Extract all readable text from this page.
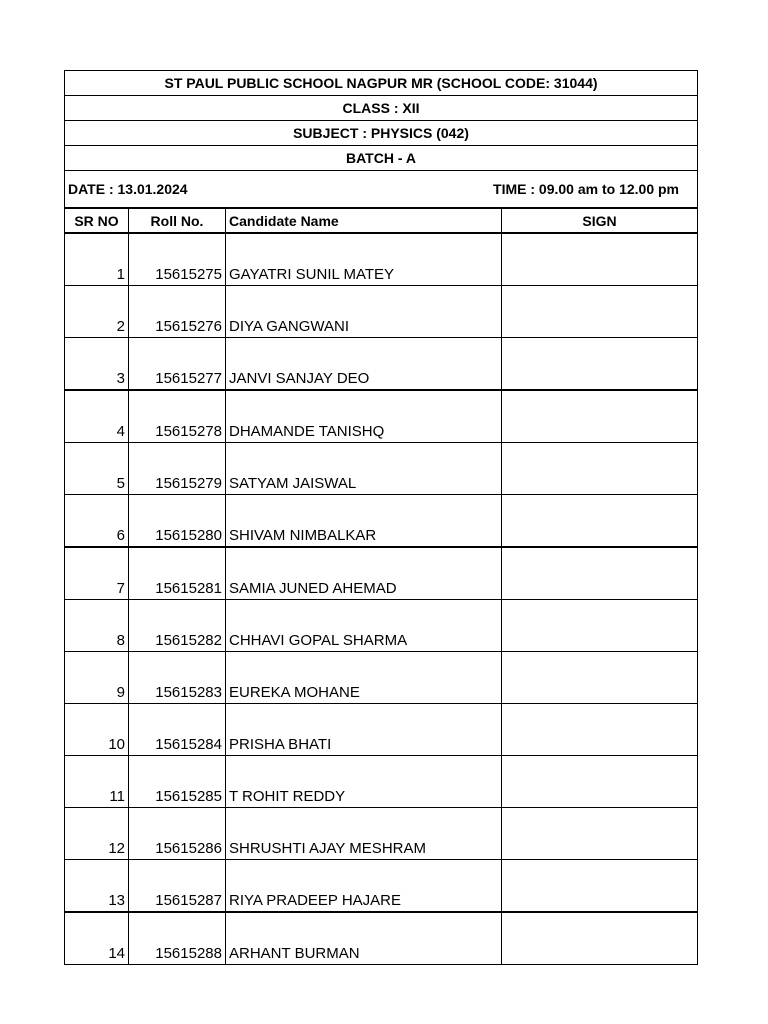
ST PAUL PUBLIC SCHOOL NAGPUR MR (SCHOOL CODE: 31044)			
CLASS : XII			
SUBJECT : PHYSICS (042)			
BATCH - A			
DATE : 13.01.2024		TIME : 09.00 am to 12.00 pm	
SR NO	Roll No.	Candidate Name	SIGN
1	15615275	GAYATRI SUNIL MATEY	
2	15615276	DIYA GANGWANI	
3	15615277	JANVI SANJAY DEO	
4	15615278	DHAMANDE TANISHQ	
5	15615279	SATYAM JAISWAL	
6	15615280	SHIVAM NIMBALKAR	
7	15615281	SAMIA JUNED AHEMAD	
8	15615282	CHHAVI GOPAL SHARMA	
9	15615283	EUREKA MOHANE	
10	15615284	PRISHA BHATI	
11	15615285	T ROHIT REDDY	
12	15615286	SHRUSHTI AJAY MESHRAM	
13	15615287	RIYA PRADEEP HAJARE	
14	15615288	ARHANT BURMAN	
